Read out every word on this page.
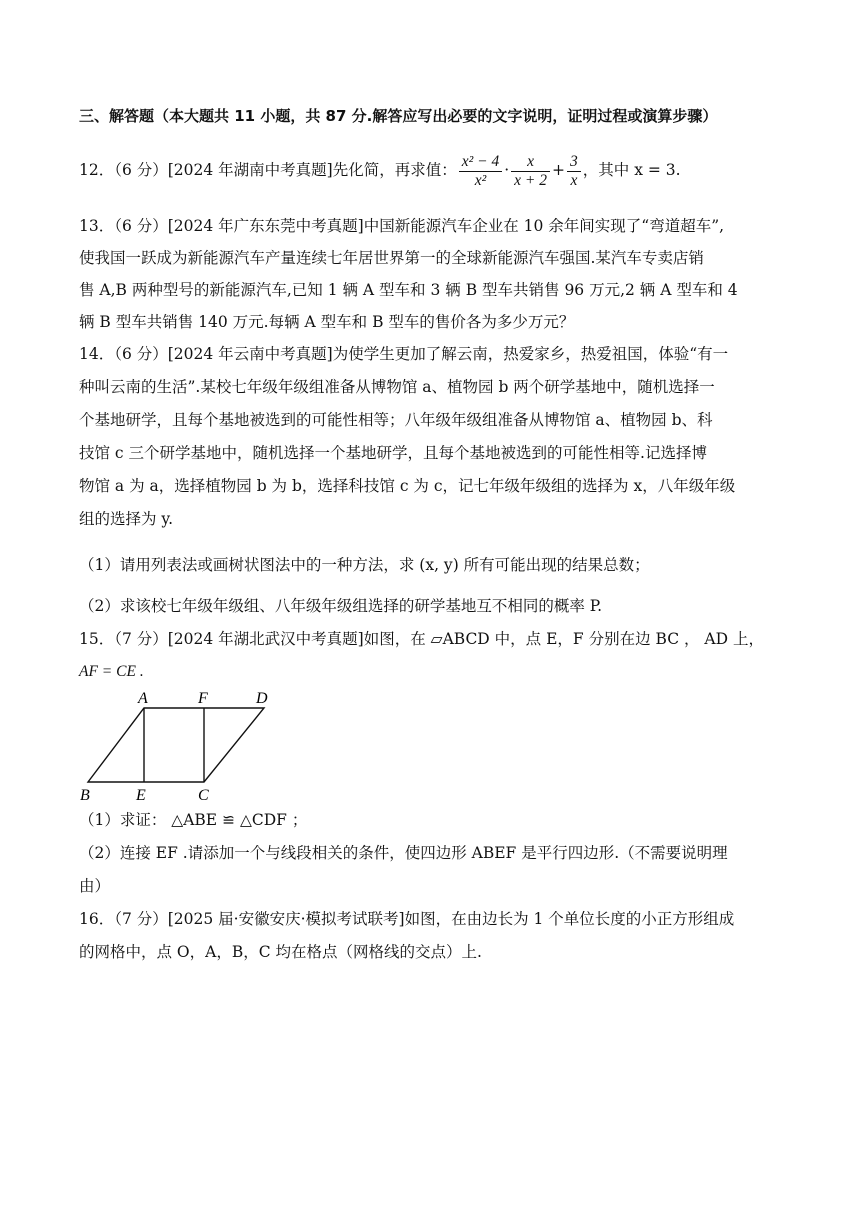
三、解答题（本大题共 11 小题，共 87 分.解答应写出必要的文字说明，证明过程或演算步骤）
12．（6 分）[2024 年湖南中考真题]先化简，再求值： $\frac{\text{x² − 4}}{\text{x²}} \cdot \frac{x}{x + 2} + \frac{3}{x}$ ，其中 x = 3.
13．（6 分）[2024 年广东东莞中考真题]中国新能源汽车企业在 10 余年间实现了“弯道超车”,
使我国一跃成为新能源汽车产量连续七年居世界第一的全球新能源汽车强国.某汽车专卖店销
售 A,B 两种型号的新能源汽车,已知 1 辆 A 型车和 3 辆 B 型车共销售 96 万元,2 辆 A 型车和 4
辆 B 型车共销售 140 万元.每辆 A 型车和 B 型车的售价各为多少万元？
14．（6 分）[2024 年云南中考真题]为使学生更加了解云南，热爱家乡，热爱祖国，体验“有一
种叫云南的生活”.某校七年级年级组准备从博物馆 a、植物园 b 两个研学基地中，随机选择一
个基地研学，且每个基地被选到的可能性相等；八年级年级组准备从博物馆 a、植物园 b、科
技馆 c 三个研学基地中，随机选择一个基地研学，且每个基地被选到的可能性相等.记选择博
物馆 a 为 a，选择植物园 b 为 b，选择科技馆 c 为 c，记七年级年级组的选择为 x，八年级年级
组的选择为 y.
（1）请用列表法或画树状图法中的一种方法，求 (x, y) 所有可能出现的结果总数；
（2）求该校七年级年级组、八年级年级组选择的研学基地互不相同的概率 P.
15．（7 分）[2024 年湖北武汉中考真题]如图，在 ▱ABCD 中，点 E，F 分别在边 BC ， AD 上，
AF = CE .
A	F	D
B	E	C
（1）求证： △ABE ≌ △CDF ；
（2）连接 EF .请添加一个与线段相关的条件，使四边形 ABEF 是平行四边形.（不需要说明理
由）
16．（7 分）[2025 届·安徽安庆·模拟考试联考]如图，在由边长为 1 个单位长度的小正方形组成
的网格中，点 O，A，B，C 均在格点（网格线的交点）上.
